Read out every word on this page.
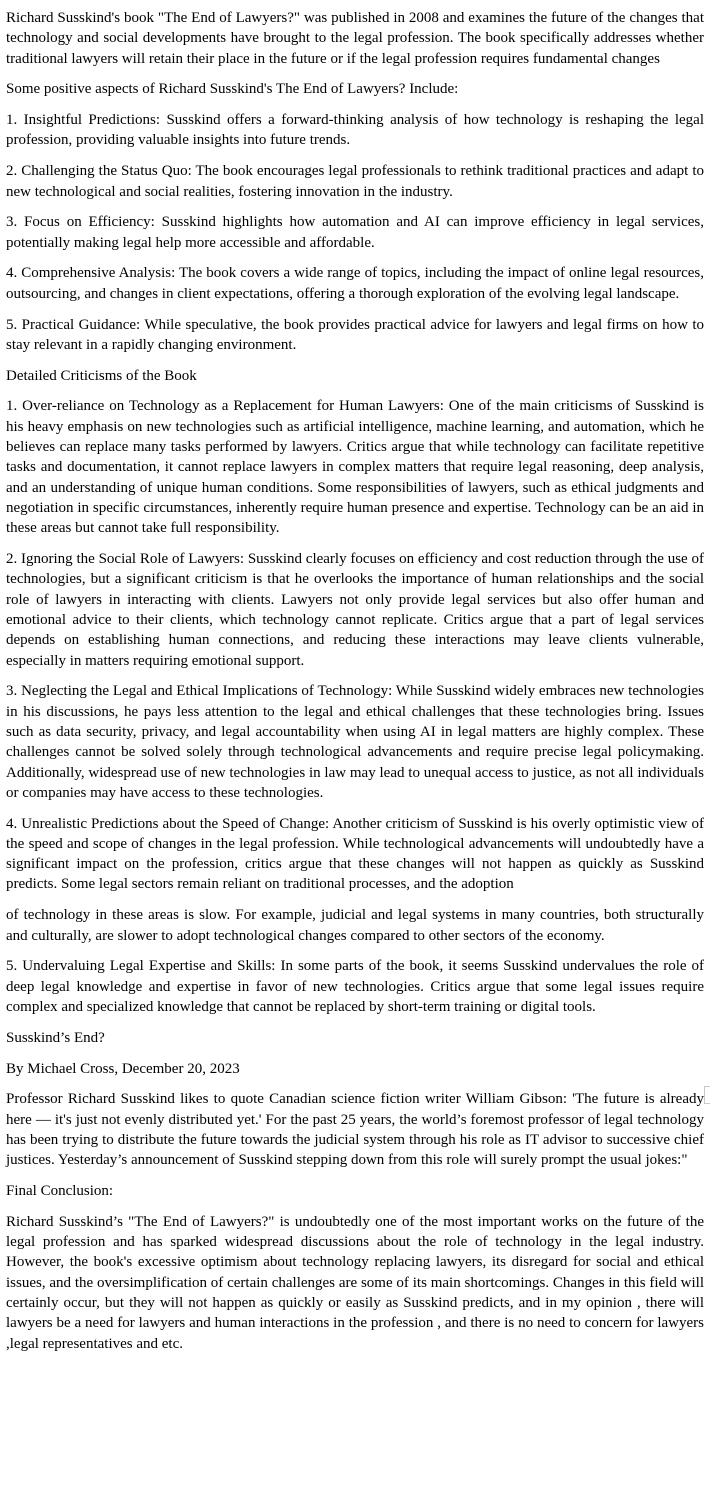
Richard Susskind's book "The End of Lawyers?" was published in 2008 and examines the future of the changes that technology and social developments have brought to the legal profession. The book specifically addresses whether traditional lawyers will retain their place in the future or if the legal profession requires fundamental changes

Some positive aspects of Richard Susskind's The End of Lawyers? Include:

1. Insightful Predictions: Susskind offers a forward-thinking analysis of how technology is reshaping the legal profession, providing valuable insights into future trends.

2. Challenging the Status Quo: The book encourages legal professionals to rethink traditional practices and adapt to new technological and social realities, fostering innovation in the industry.

3. Focus on Efficiency: Susskind highlights how automation and AI can improve efficiency in legal services, potentially making legal help more accessible and affordable.

4. Comprehensive Analysis: The book covers a wide range of topics, including the impact of online legal resources, outsourcing, and changes in client expectations, offering a thorough exploration of the evolving legal landscape.

5. Practical Guidance: While speculative, the book provides practical advice for lawyers and legal firms on how to stay relevant in a rapidly changing environment.

Detailed Criticisms of the Book

1. Over-reliance on Technology as a Replacement for Human Lawyers: One of the main criticisms of Susskind is his heavy emphasis on new technologies such as artificial intelligence, machine learning, and automation, which he believes can replace many tasks performed by lawyers. Critics argue that while technology can facilitate repetitive tasks and documentation, it cannot replace lawyers in complex matters that require legal reasoning, deep analysis, and an understanding of unique human conditions. Some responsibilities of lawyers, such as ethical judgments and negotiation in specific circumstances, inherently require human presence and expertise. Technology can be an aid in these areas but cannot take full responsibility.

2. Ignoring the Social Role of Lawyers: Susskind clearly focuses on efficiency and cost reduction through the use of technologies, but a significant criticism is that he overlooks the importance of human relationships and the social role of lawyers in interacting with clients. Lawyers not only provide legal services but also offer human and emotional advice to their clients, which technology cannot replicate. Critics argue that a part of legal services depends on establishing human connections, and reducing these interactions may leave clients vulnerable, especially in matters requiring emotional support.

3. Neglecting the Legal and Ethical Implications of Technology: While Susskind widely embraces new technologies in his discussions, he pays less attention to the legal and ethical challenges that these technologies bring. Issues such as data security, privacy, and legal accountability when using AI in legal matters are highly complex. These challenges cannot be solved solely through technological advancements and require precise legal policymaking. Additionally, widespread use of new technologies in law may lead to unequal access to justice, as not all individuals or companies may have access to these technologies.

4. Unrealistic Predictions about the Speed of Change: Another criticism of Susskind is his overly optimistic view of the speed and scope of changes in the legal profession. While technological advancements will undoubtedly have a significant impact on the profession, critics argue that these changes will not happen as quickly as Susskind predicts. Some legal sectors remain reliant on traditional processes, and the adoption

of technology in these areas is slow. For example, judicial and legal systems in many countries, both structurally and culturally, are slower to adopt technological changes compared to other sectors of the economy.

5. Undervaluing Legal Expertise and Skills: In some parts of the book, it seems Susskind undervalues the role of deep legal knowledge and expertise in favor of new technologies. Critics argue that some legal issues require complex and specialized knowledge that cannot be replaced by short-term training or digital tools.

Susskind’s End?

By Michael Cross, December 20, 2023

Professor Richard Susskind likes to quote Canadian science fiction writer William Gibson: 'The future is already here — it's just not evenly distributed yet.' For the past 25 years, the world’s foremost professor of legal technology has been trying to distribute the future towards the judicial system through his role as IT advisor to successive chief justices. Yesterday’s announcement of Susskind stepping down from this role will surely prompt the usual jokes:"

Final Conclusion:

Richard Susskind’s "The End of Lawyers?" is undoubtedly one of the most important works on the future of the legal profession and has sparked widespread discussions about the role of technology in the legal industry. However, the book's excessive optimism about technology replacing lawyers, its disregard for social and ethical issues, and the oversimplification of certain challenges are some of its main shortcomings. Changes in this field will certainly occur, but they will not happen as quickly or easily as Susskind predicts, and in my opinion , there will lawyers be a need for lawyers and human interactions in the profession , and there is no need to concern for lawyers ,legal representatives and etc.
